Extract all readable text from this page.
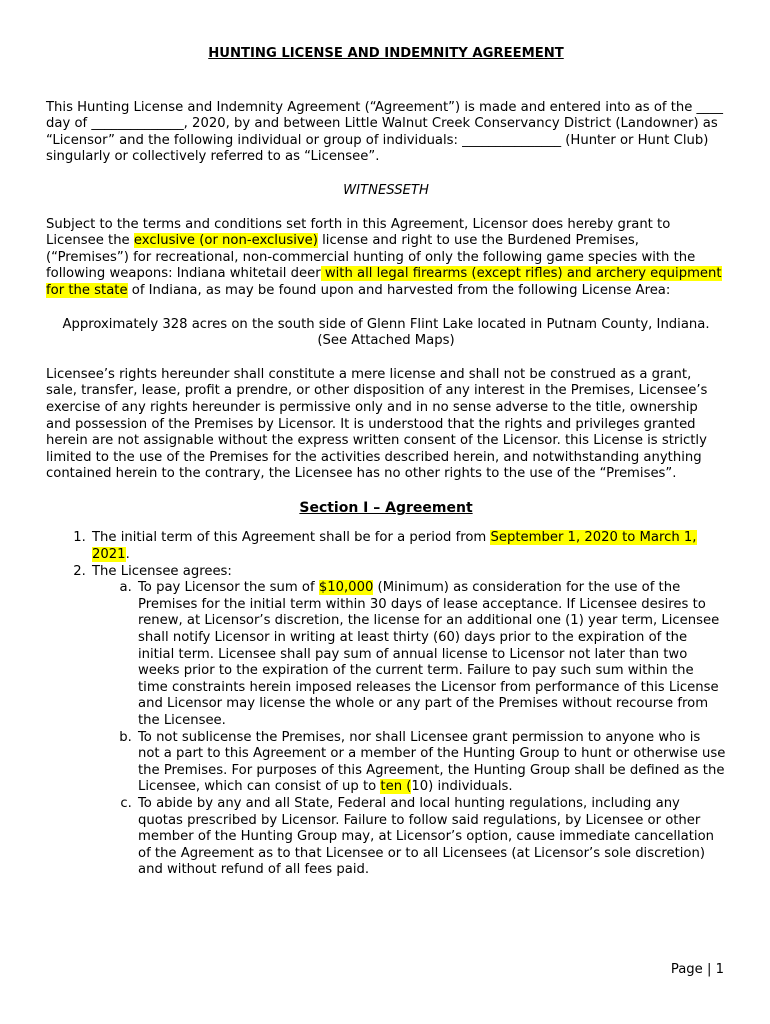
HUNTING LICENSE AND INDEMNITY AGREEMENT

This Hunting License and Indemnity Agreement (“Agreement”) is made and entered into as of the ____ day of ______________, 2020, by and between Little Walnut Creek Conservancy District (Landowner) as “Licensor” and the following individual or group of individuals: _______________ (Hunter or Hunt Club) singularly or collectively referred to as “Licensee”.

WITNESSETH

Subject to the terms and conditions set forth in this Agreement, Licensor does hereby grant to Licensee the exclusive (or non-exclusive) license and right to use the Burdened Premises, (“Premises”) for recreational, non-commercial hunting of only the following game species with the following weapons: Indiana whitetail deer with all legal firearms (except rifles) and archery equipment for the state of Indiana, as may be found upon and harvested from the following License Area:

Approximately 328 acres on the south side of Glenn Flint Lake located in Putnam County, Indiana.

(See Attached Maps)

Licensee’s rights hereunder shall constitute a mere license and shall not be construed as a grant, sale, transfer, lease, profit a prendre, or other disposition of any interest in the Premises, Licensee’s exercise of any rights hereunder is permissive only and in no sense adverse to the title, ownership and possession of the Premises by Licensor. It is understood that the rights and privileges granted herein are not assignable without the express written consent of the Licensor. this License is strictly limited to the use of the Premises for the activities described herein, and notwithstanding anything contained herein to the contrary, the Licensee has no other rights to the use of the “Premises”.

Section I – Agreement

1. The initial term of this Agreement shall be for a period from September 1, 2020 to March 1, 2021.
2. The Licensee agrees:
a. To pay Licensor the sum of $10,000 (Minimum) as consideration for the use of the Premises for the initial term within 30 days of lease acceptance. If Licensee desires to renew, at Licensor’s discretion, the license for an additional one (1) year term, Licensee shall notify Licensor in writing at least thirty (60) days prior to the expiration of the initial term. Licensee shall pay sum of annual license to Licensor not later than two weeks prior to the expiration of the current term. Failure to pay such sum within the time constraints herein imposed releases the Licensor from performance of this License and Licensor may license the whole or any part of the Premises without recourse from the Licensee.
b. To not sublicense the Premises, nor shall Licensee grant permission to anyone who is not a part to this Agreement or a member of the Hunting Group to hunt or otherwise use the Premises. For purposes of this Agreement, the Hunting Group shall be defined as the Licensee, which can consist of up to ten (10) individuals.
c. To abide by any and all State, Federal and local hunting regulations, including any quotas prescribed by Licensor. Failure to follow said regulations, by Licensee or other member of the Hunting Group may, at Licensor’s option, cause immediate cancellation of the Agreement as to that Licensee or to all Licensees (at Licensor’s sole discretion) and without refund of all fees paid.
Page | 1
